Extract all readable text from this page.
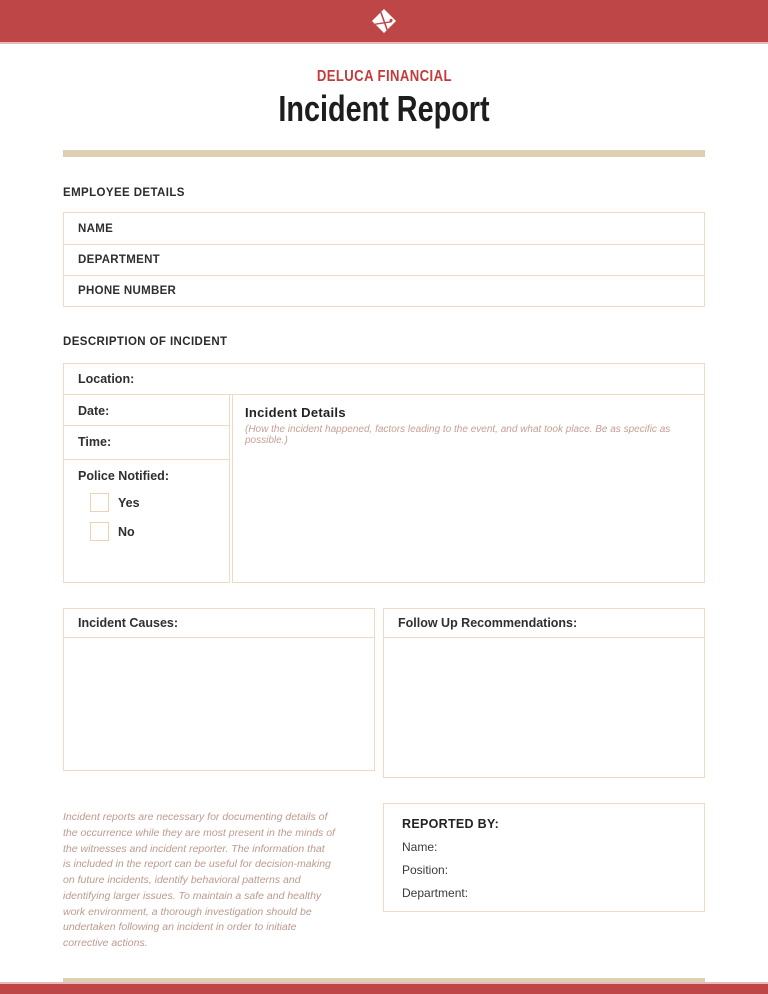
DELUCA FINANCIAL
Incident Report
EMPLOYEE DETAILS
NAME
DEPARTMENT
PHONE NUMBER
DESCRIPTION OF INCIDENT
Location:
Date:
Time:
Police Notified:
Yes
No
Incident Details
(How the incident happened, factors leading to the event, and what took place. Be as specific as possible.)
Incident Causes:	Follow Up Recommendations:
Incident reports are necessary for documenting details of the occurrence while they are most present in the minds of the witnesses and incident reporter. The information that is included in the report can be useful for decision-making on future incidents, identify behavioral patterns and identifying larger issues. To maintain a safe and healthy work environment, a thorough investigation should be undertaken following an incident in order to initiate corrective actions.
REPORTED BY:
Name:
Position:
Department:
